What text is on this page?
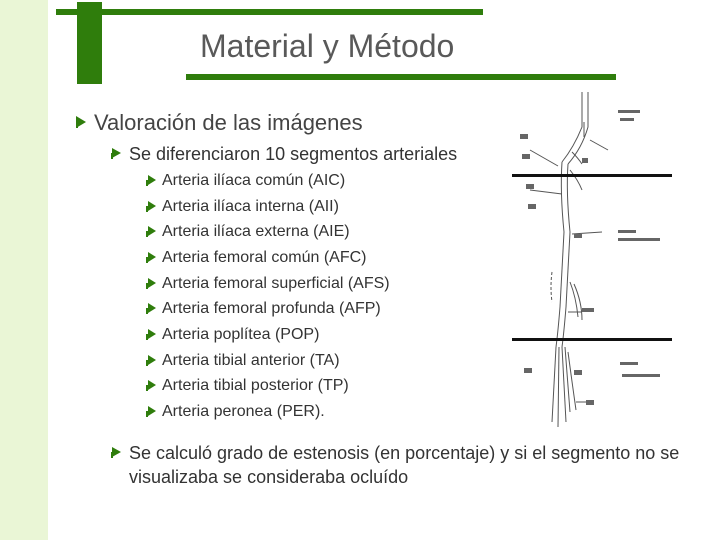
Material y Método
Valoración de las imágenes
Se diferenciaron 10 segmentos arteriales
Arteria ilíaca común (AIC)
Arteria ilíaca interna (AII)
Arteria ilíaca externa (AIE)
Arteria femoral común (AFC)
Arteria femoral superficial (AFS)
Arteria femoral profunda (AFP)
Arteria poplítea (POP)
Arteria tibial anterior (TA)
Arteria tibial posterior (TP)
Arteria peronea (PER).
Se calculó grado de estenosis (en porcentaje) y si el segmento no se visualizaba se consideraba ocluído
